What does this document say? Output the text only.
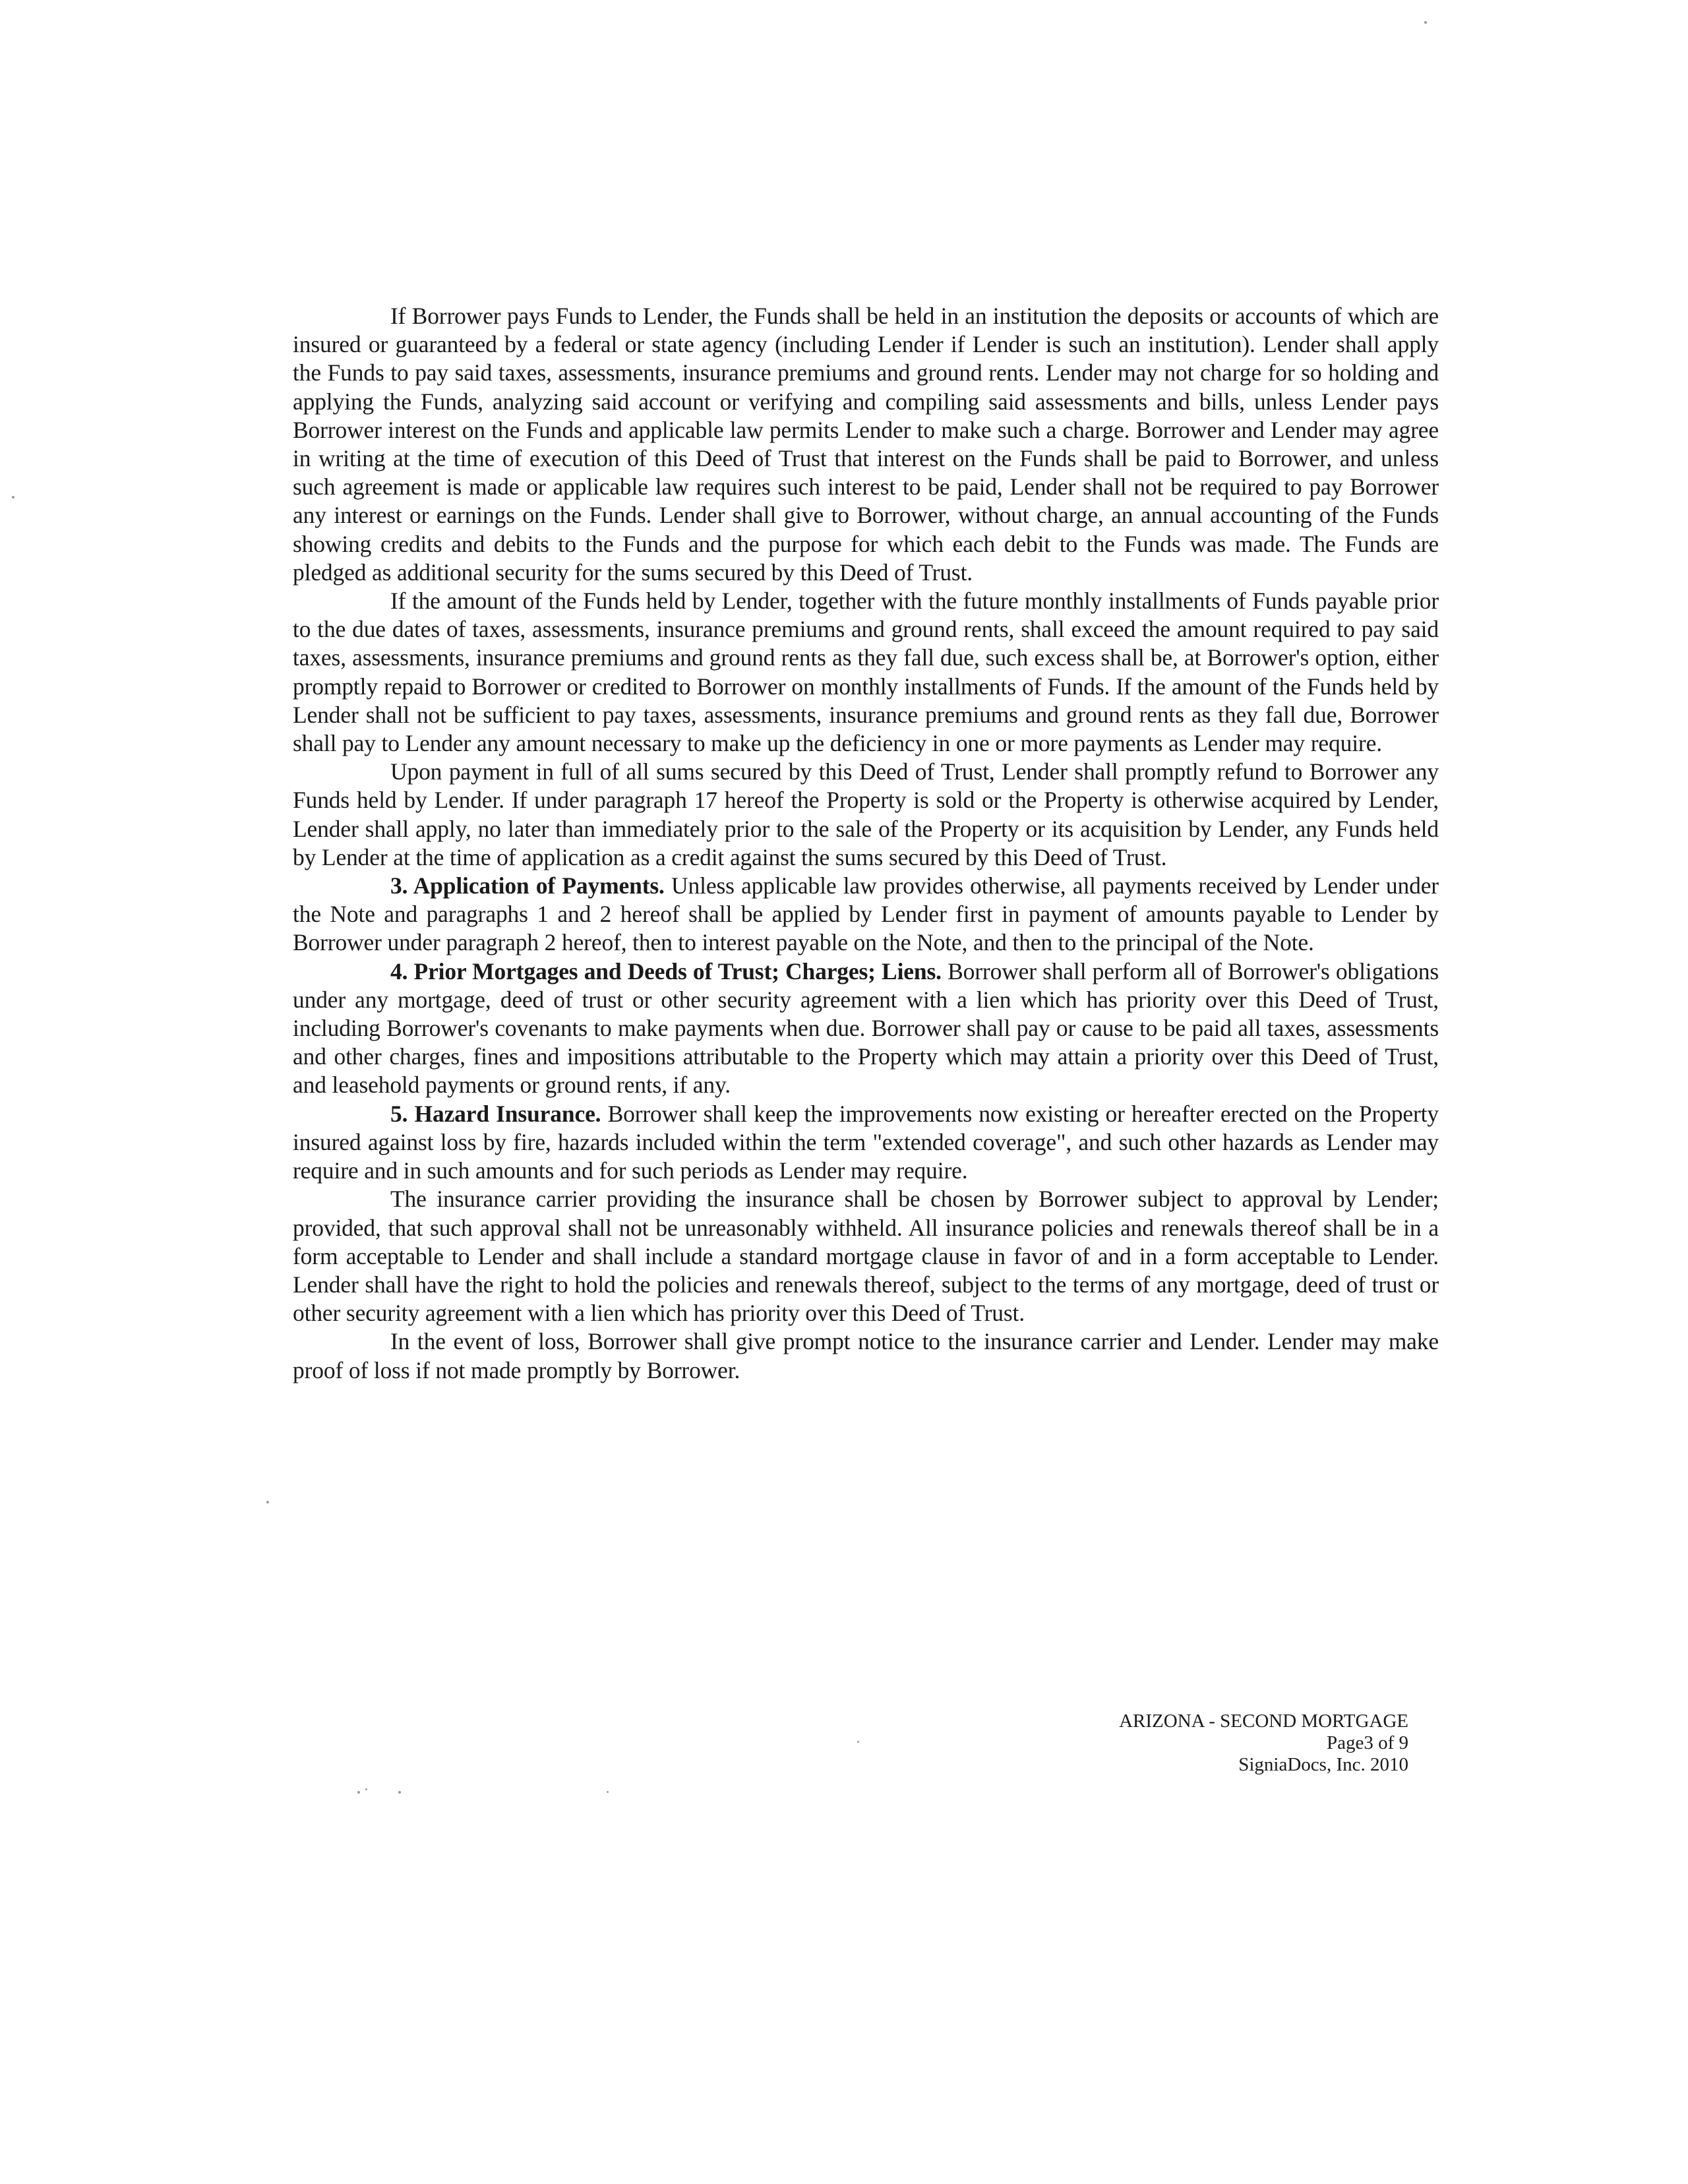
If Borrower pays Funds to Lender, the Funds shall be held in an institution the deposits or accounts of which are insured or guaranteed by a federal or state agency (including Lender if Lender is such an institution). Lender shall apply the Funds to pay said taxes, assessments, insurance premiums and ground rents. Lender may not charge for so holding and applying the Funds, analyzing said account or verifying and compiling said assessments and bills, unless Lender pays Borrower interest on the Funds and applicable law permits Lender to make such a charge. Borrower and Lender may agree in writing at the time of execution of this Deed of Trust that interest on the Funds shall be paid to Borrower, and unless such agreement is made or applicable law requires such interest to be paid, Lender shall not be required to pay Borrower any interest or earnings on the Funds. Lender shall give to Borrower, without charge, an annual accounting of the Funds showing credits and debits to the Funds and the purpose for which each debit to the Funds was made. The Funds are pledged as additional security for the sums secured by this Deed of Trust.

If the amount of the Funds held by Lender, together with the future monthly installments of Funds payable prior to the due dates of taxes, assessments, insurance premiums and ground rents, shall exceed the amount required to pay said taxes, assessments, insurance premiums and ground rents as they fall due, such excess shall be, at Borrower's option, either promptly repaid to Borrower or credited to Borrower on monthly installments of Funds. If the amount of the Funds held by Lender shall not be sufficient to pay taxes, assessments, insurance premiums and ground rents as they fall due, Borrower shall pay to Lender any amount necessary to make up the deficiency in one or more payments as Lender may require.

Upon payment in full of all sums secured by this Deed of Trust, Lender shall promptly refund to Borrower any Funds held by Lender. If under paragraph 17 hereof the Property is sold or the Property is otherwise acquired by Lender, Lender shall apply, no later than immediately prior to the sale of the Property or its acquisition by Lender, any Funds held by Lender at the time of application as a credit against the sums secured by this Deed of Trust.

3. Application of Payments. Unless applicable law provides otherwise, all payments received by Lender under the Note and paragraphs 1 and 2 hereof shall be applied by Lender first in payment of amounts payable to Lender by Borrower under paragraph 2 hereof, then to interest payable on the Note, and then to the principal of the Note.

4. Prior Mortgages and Deeds of Trust; Charges; Liens. Borrower shall perform all of Borrower's obligations under any mortgage, deed of trust or other security agreement with a lien which has priority over this Deed of Trust, including Borrower's covenants to make payments when due. Borrower shall pay or cause to be paid all taxes, assessments and other charges, fines and impositions attributable to the Property which may attain a priority over this Deed of Trust, and leasehold payments or ground rents, if any.

5. Hazard Insurance. Borrower shall keep the improvements now existing or hereafter erected on the Property insured against loss by fire, hazards included within the term "extended coverage", and such other hazards as Lender may require and in such amounts and for such periods as Lender may require.

The insurance carrier providing the insurance shall be chosen by Borrower subject to approval by Lender; provided, that such approval shall not be unreasonably withheld. All insurance policies and renewals thereof shall be in a form acceptable to Lender and shall include a standard mortgage clause in favor of and in a form acceptable to Lender. Lender shall have the right to hold the policies and renewals thereof, subject to the terms of any mortgage, deed of trust or other security agreement with a lien which has priority over this Deed of Trust.

In the event of loss, Borrower shall give prompt notice to the insurance carrier and Lender. Lender may make proof of loss if not made promptly by Borrower.

ARIZONA - SECOND MORTGAGE
Page3 of 9
SigniaDocs, Inc. 2010
